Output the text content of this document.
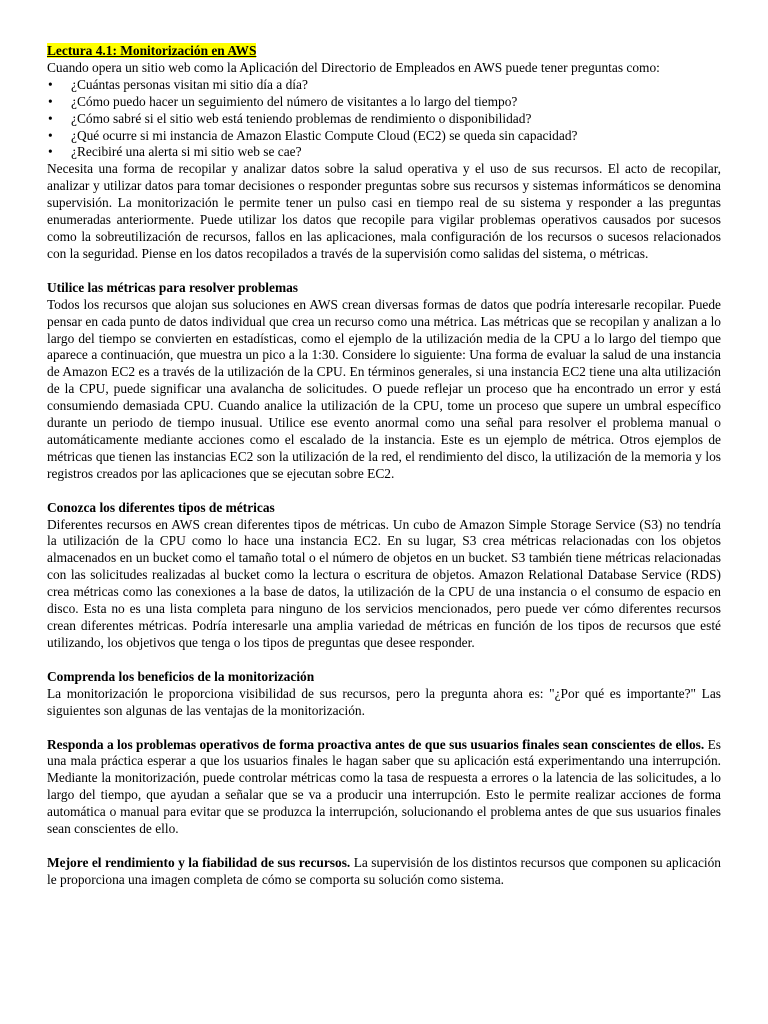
Lectura 4.1: Monitorización en AWS

Cuando opera un sitio web como la Aplicación del Directorio de Empleados en AWS puede tener preguntas como:

• ¿Cuántas personas visitan mi sitio día a día?
• ¿Cómo puedo hacer un seguimiento del número de visitantes a lo largo del tiempo?
• ¿Cómo sabré si el sitio web está teniendo problemas de rendimiento o disponibilidad?
• ¿Qué ocurre si mi instancia de Amazon Elastic Compute Cloud (EC2) se queda sin capacidad?
• ¿Recibiré una alerta si mi sitio web se cae?

Necesita una forma de recopilar y analizar datos sobre la salud operativa y el uso de sus recursos. El acto de recopilar, analizar y utilizar datos para tomar decisiones o responder preguntas sobre sus recursos y sistemas informáticos se denomina supervisión. La monitorización le permite tener un pulso casi en tiempo real de su sistema y responder a las preguntas enumeradas anteriormente. Puede utilizar los datos que recopile para vigilar problemas operativos causados por sucesos como la sobreutilización de recursos, fallos en las aplicaciones, mala configuración de los recursos o sucesos relacionados con la seguridad. Piense en los datos recopilados a través de la supervisión como salidas del sistema, o métricas.

Utilice las métricas para resolver problemas

Todos los recursos que alojan sus soluciones en AWS crean diversas formas de datos que podría interesarle recopilar. Puede pensar en cada punto de datos individual que crea un recurso como una métrica. Las métricas que se recopilan y analizan a lo largo del tiempo se convierten en estadísticas, como el ejemplo de la utilización media de la CPU a lo largo del tiempo que aparece a continuación, que muestra un pico a la 1:30. Considere lo siguiente: Una forma de evaluar la salud de una instancia de Amazon EC2 es a través de la utilización de la CPU. En términos generales, si una instancia EC2 tiene una alta utilización de la CPU, puede significar una avalancha de solicitudes. O puede reflejar un proceso que ha encontrado un error y está consumiendo demasiada CPU. Cuando analice la utilización de la CPU, tome un proceso que supere un umbral específico durante un periodo de tiempo inusual. Utilice ese evento anormal como una señal para resolver el problema manual o automáticamente mediante acciones como el escalado de la instancia. Este es un ejemplo de métrica. Otros ejemplos de métricas que tienen las instancias EC2 son la utilización de la red, el rendimiento del disco, la utilización de la memoria y los registros creados por las aplicaciones que se ejecutan sobre EC2.

Conozca los diferentes tipos de métricas

Diferentes recursos en AWS crean diferentes tipos de métricas. Un cubo de Amazon Simple Storage Service (S3) no tendría la utilización de la CPU como lo hace una instancia EC2. En su lugar, S3 crea métricas relacionadas con los objetos almacenados en un bucket como el tamaño total o el número de objetos en un bucket. S3 también tiene métricas relacionadas con las solicitudes realizadas al bucket como la lectura o escritura de objetos. Amazon Relational Database Service (RDS) crea métricas como las conexiones a la base de datos, la utilización de la CPU de una instancia o el consumo de espacio en disco. Esta no es una lista completa para ninguno de los servicios mencionados, pero puede ver cómo diferentes recursos crean diferentes métricas. Podría interesarle una amplia variedad de métricas en función de los tipos de recursos que esté utilizando, los objetivos que tenga o los tipos de preguntas que desee responder.

Comprenda los beneficios de la monitorización

La monitorización le proporciona visibilidad de sus recursos, pero la pregunta ahora es: "¿Por qué es importante?" Las siguientes son algunas de las ventajas de la monitorización.

Responda a los problemas operativos de forma proactiva antes de que sus usuarios finales sean conscientes de ellos. Es una mala práctica esperar a que los usuarios finales le hagan saber que su aplicación está experimentando una interrupción. Mediante la monitorización, puede controlar métricas como la tasa de respuesta a errores o la latencia de las solicitudes, a lo largo del tiempo, que ayudan a señalar que se va a producir una interrupción. Esto le permite realizar acciones de forma automática o manual para evitar que se produzca la interrupción, solucionando el problema antes de que sus usuarios finales sean conscientes de ello.

Mejore el rendimiento y la fiabilidad de sus recursos. La supervisión de los distintos recursos que componen su aplicación le proporciona una imagen completa de cómo se comporta su solución como sistema.
